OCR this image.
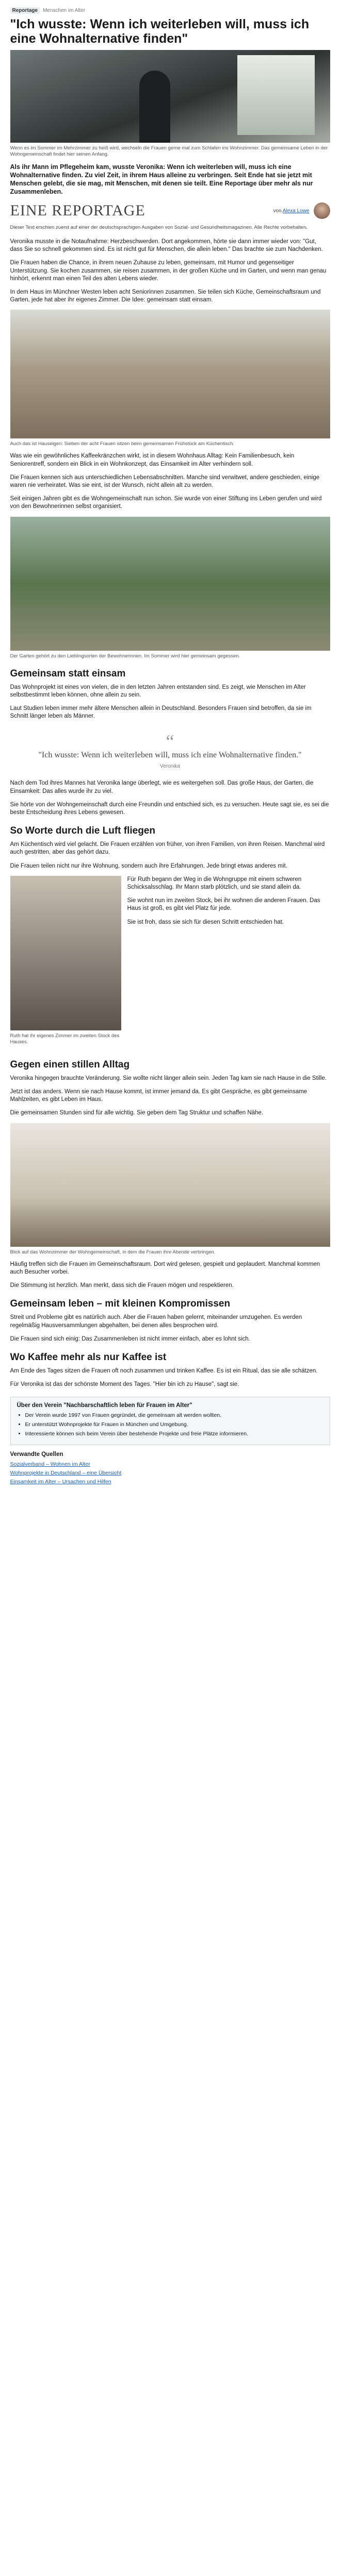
Reportage	Menschen im Alter
"Ich wusste: Wenn ich weiterleben will, muss ich eine Wohnalternative finden"
Wenn es im Sommer im Mehrzimmer zu heiß wird, wechseln die Frauen gerne mal zum Schlafen ins Wohnzimmer. Das gemeinsame Leben in der Wohngemeinschaft findet hier seinen Anfang.

Als ihr Mann im Pflegeheim kam, wusste Veronika: Wenn ich weiterleben will, muss ich eine Wohnalternative finden. Zu viel Zeit, in ihrem Haus alleine zu verbringen. Seit Ende hat sie jetzt mit Menschen gelebt, die sie mag, mit Menschen, mit denen sie teilt. Eine Reportage über mehr als nur Zusammenleben.

EINE REPORTAGE	von Alexa Lowe

Dieser Text erschien zuerst auf einer der deutschsprachigen Ausgaben von Sozial- und Gesundheitsmagazinen. Alle Rechte vorbehalten.

Veronika musste in die Notaufnahme: Herzbeschwerden. Dort angekommen, hörte sie dann immer wieder von: "Gut, dass Sie so schnell gekommen sind. Es ist nicht gut für Menschen, die allein leben." Das brachte sie zum Nachdenken.

Die Frauen haben die Chance, in ihrem neuen Zuhause zu leben, gemeinsam, mit Humor und gegenseitiger Unterstützung. Sie kochen zusammen, sie reisen zusammen, in der großen Küche und im Garten, und wenn man genau hinhört, erkennt man einen Teil des alten Lebens wieder.

In dem Haus im Münchner Westen leben acht Seniorinnen zusammen. Sie teilen sich Küche, Gemeinschaftsraum und Garten, jede hat aber ihr eigenes Zimmer. Die Idee: gemeinsam statt einsam.

Auch das ist Hauseigen: Sieben der acht Frauen sitzen beim gemeinsamen Frühstück am Küchentisch.

Was wie ein gewöhnliches Kaffeekränzchen wirkt, ist in diesem Wohnhaus Alltag: Kein Familienbesuch, kein Seniorentreff, sondern ein Blick in ein Wohnkonzept, das Einsamkeit im Alter verhindern soll.

Die Frauen kennen sich aus unterschiedlichen Lebensabschnitten. Manche sind verwitwet, andere geschieden, einige waren nie verheiratet. Was sie eint, ist der Wunsch, nicht allein alt zu werden.

Seit einigen Jahren gibt es die Wohngemeinschaft nun schon. Sie wurde von einer Stiftung ins Leben gerufen und wird von den Bewohnerinnen selbst organisiert.

Der Garten gehört zu den Lieblingsorten der Bewohnerinnen. Im Sommer wird hier gemeinsam gegessen.
Gemeinsam statt einsam

Das Wohnprojekt ist eines von vielen, die in den letzten Jahren entstanden sind. Es zeigt, wie Menschen im Alter selbstbestimmt leben können, ohne allein zu sein.

Laut Studien leben immer mehr ältere Menschen allein in Deutschland. Besonders Frauen sind betroffen, da sie im Schnitt länger leben als Männer.

“
"Ich wusste: Wenn ich weiterleben will, muss ich eine Wohnalternative finden."
Veronika

Nach dem Tod ihres Mannes hat Veronika lange überlegt, wie es weitergehen soll. Das große Haus, der Garten, die Einsamkeit: Das alles wurde ihr zu viel.

Sie hörte von der Wohngemeinschaft durch eine Freundin und entschied sich, es zu versuchen. Heute sagt sie, es sei die beste Entscheidung ihres Lebens gewesen.

So Worte durch die Luft fliegen

Am Küchentisch wird viel gelacht. Die Frauen erzählen von früher, von ihren Familien, von ihren Reisen. Manchmal wird auch gestritten, aber das gehört dazu.

Die Frauen teilen nicht nur ihre Wohnung, sondern auch ihre Erfahrungen. Jede bringt etwas anderes mit.

Ruth hat ihr eigenes Zimmer im zweiten Stock des Hauses.

Für Ruth begann der Weg in die Wohngruppe mit einem schweren Schicksalsschlag. Ihr Mann starb plötzlich, und sie stand allein da.

Sie wohnt nun im zweiten Stock, bei ihr wohnen die anderen Frauen. Das Haus ist groß, es gibt viel Platz für jede.

Sie ist froh, dass sie sich für diesen Schritt entschieden hat.

Gegen einen stillen Alltag

Veronika hingegen brauchte Veränderung. Sie wollte nicht länger allein sein. Jeden Tag kam sie nach Hause in die Stille.

Jetzt ist das anders. Wenn sie nach Hause kommt, ist immer jemand da. Es gibt Gespräche, es gibt gemeinsame Mahlzeiten, es gibt Leben im Haus.

Die gemeinsamen Stunden sind für alle wichtig. Sie geben dem Tag Struktur und schaffen Nähe.

Blick auf das Wohnzimmer der Wohngemeinschaft, in dem die Frauen ihre Abende verbringen.

Häufig treffen sich die Frauen im Gemeinschaftsraum. Dort wird gelesen, gespielt und geplaudert. Manchmal kommen auch Besucher vorbei.

Die Stimmung ist herzlich. Man merkt, dass sich die Frauen mögen und respektieren.

Gemeinsam leben – mit kleinen Kompromissen

Streit und Probleme gibt es natürlich auch. Aber die Frauen haben gelernt, miteinander umzugehen. Es werden regelmäßig Hausversammlungen abgehalten, bei denen alles besprochen wird.

Die Frauen sind sich einig: Das Zusammenleben ist nicht immer einfach, aber es lohnt sich.

Wo Kaffee mehr als nur Kaffee ist

Am Ende des Tages sitzen die Frauen oft noch zusammen und trinken Kaffee. Es ist ein Ritual, das sie alle schätzen.

Für Veronika ist das der schönste Moment des Tages. "Hier bin ich zu Hause", sagt sie.

Über den Verein "Nachbarschaftlich leben für Frauen im Alter"
• Der Verein wurde 1997 von Frauen gegründet, die gemeinsam alt werden wollten.
• Er unterstützt Wohnprojekte für Frauen in München und Umgebung.
• Interessierte können sich beim Verein über bestehende Projekte und freie Plätze informieren.
Verwandte Quellen
Sozialverband – Wohnen im Alter
Wohnprojekte in Deutschland – eine Übersicht
Einsamkeit im Alter – Ursachen und Hilfen
